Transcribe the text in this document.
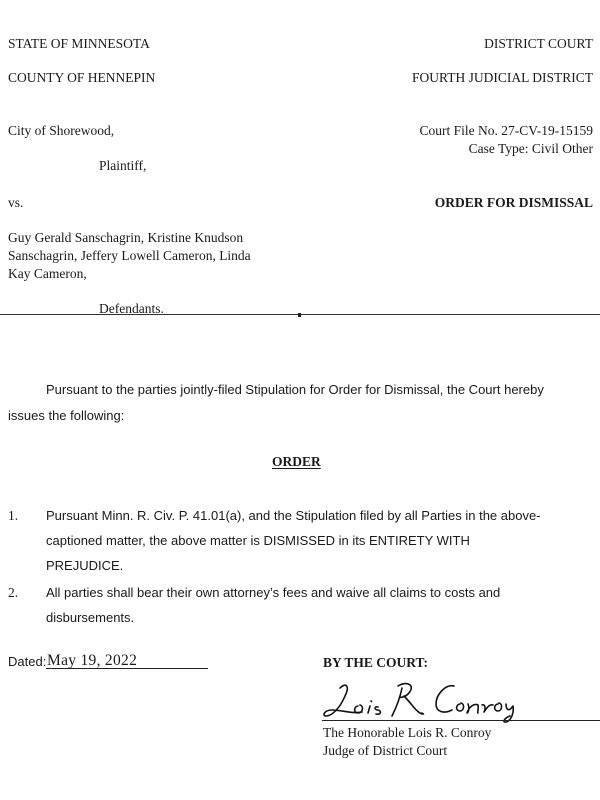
STATE OF MINNESOTA	DISTRICT COURT
COUNTY OF HENNEPIN	FOURTH JUDICIAL DISTRICT
City of Shorewood,
Plaintiff,
vs.
Guy Gerald Sanschagrin, Kristine Knudson
Sanschagrin, Jeffery Lowell Cameron, Linda
Kay Cameron,
Defendants.
Court File No. 27-CV-19-15159
Case Type: Civil Other
ORDER FOR DISMISSAL
Pursuant to the parties jointly-filed Stipulation for Order for Dismissal, the Court hereby
issues the following:
ORDER
1. Pursuant Minn. R. Civ. P. 41.01(a), and the Stipulation filed by all Parties in the above-
captioned matter, the above matter is DISMISSED in its ENTIRETY WITH
PREJUDICE.
2. All parties shall bear their own attorney’s fees and waive all claims to costs and
disbursements.
Dated: May 19, 2022	BY THE COURT:
The Honorable Lois R. Conroy
Judge of District Court
